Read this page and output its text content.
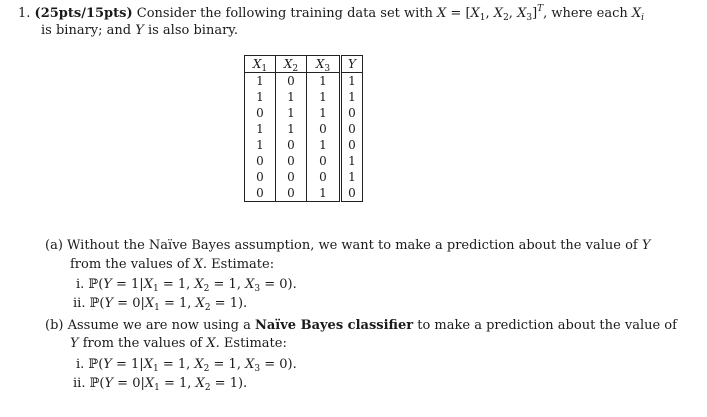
1. (25pts/15pts) Consider the following training data set with $X = [X_1$, $X_2$, $X_3]^T$, where each $X_i$
is binary; and Y is also binary.
$X_1$	$X_2$	$X_3$	Y
1	0	1	1
1	1	1	1
0	1	1	0
1	1	0	0
1	0	1	0
0	0	0	1
0	0	0	1
0	0	1	0
(a) Without the Naïve Bayes assumption, we want to make a prediction about the value of Y
from the values of X. Estimate:
i. ℙ(Y = $1|X_1 = 1$, $X_2 = 1$, $X_3 = 0$).
ii. ℙ(Y = $0|X_1 = 1$, $X_2 = 1$).
(b) Assume we are now using a Naïve Bayes classifier to make a prediction about the value of
Y from the values of X. Estimate:
i. ℙ(Y = $1|X_1 = 1$, $X_2 = 1$, $X_3 = 0$).
ii. ℙ(Y = $0|X_1 = 1$, $X_2 = 1$).
